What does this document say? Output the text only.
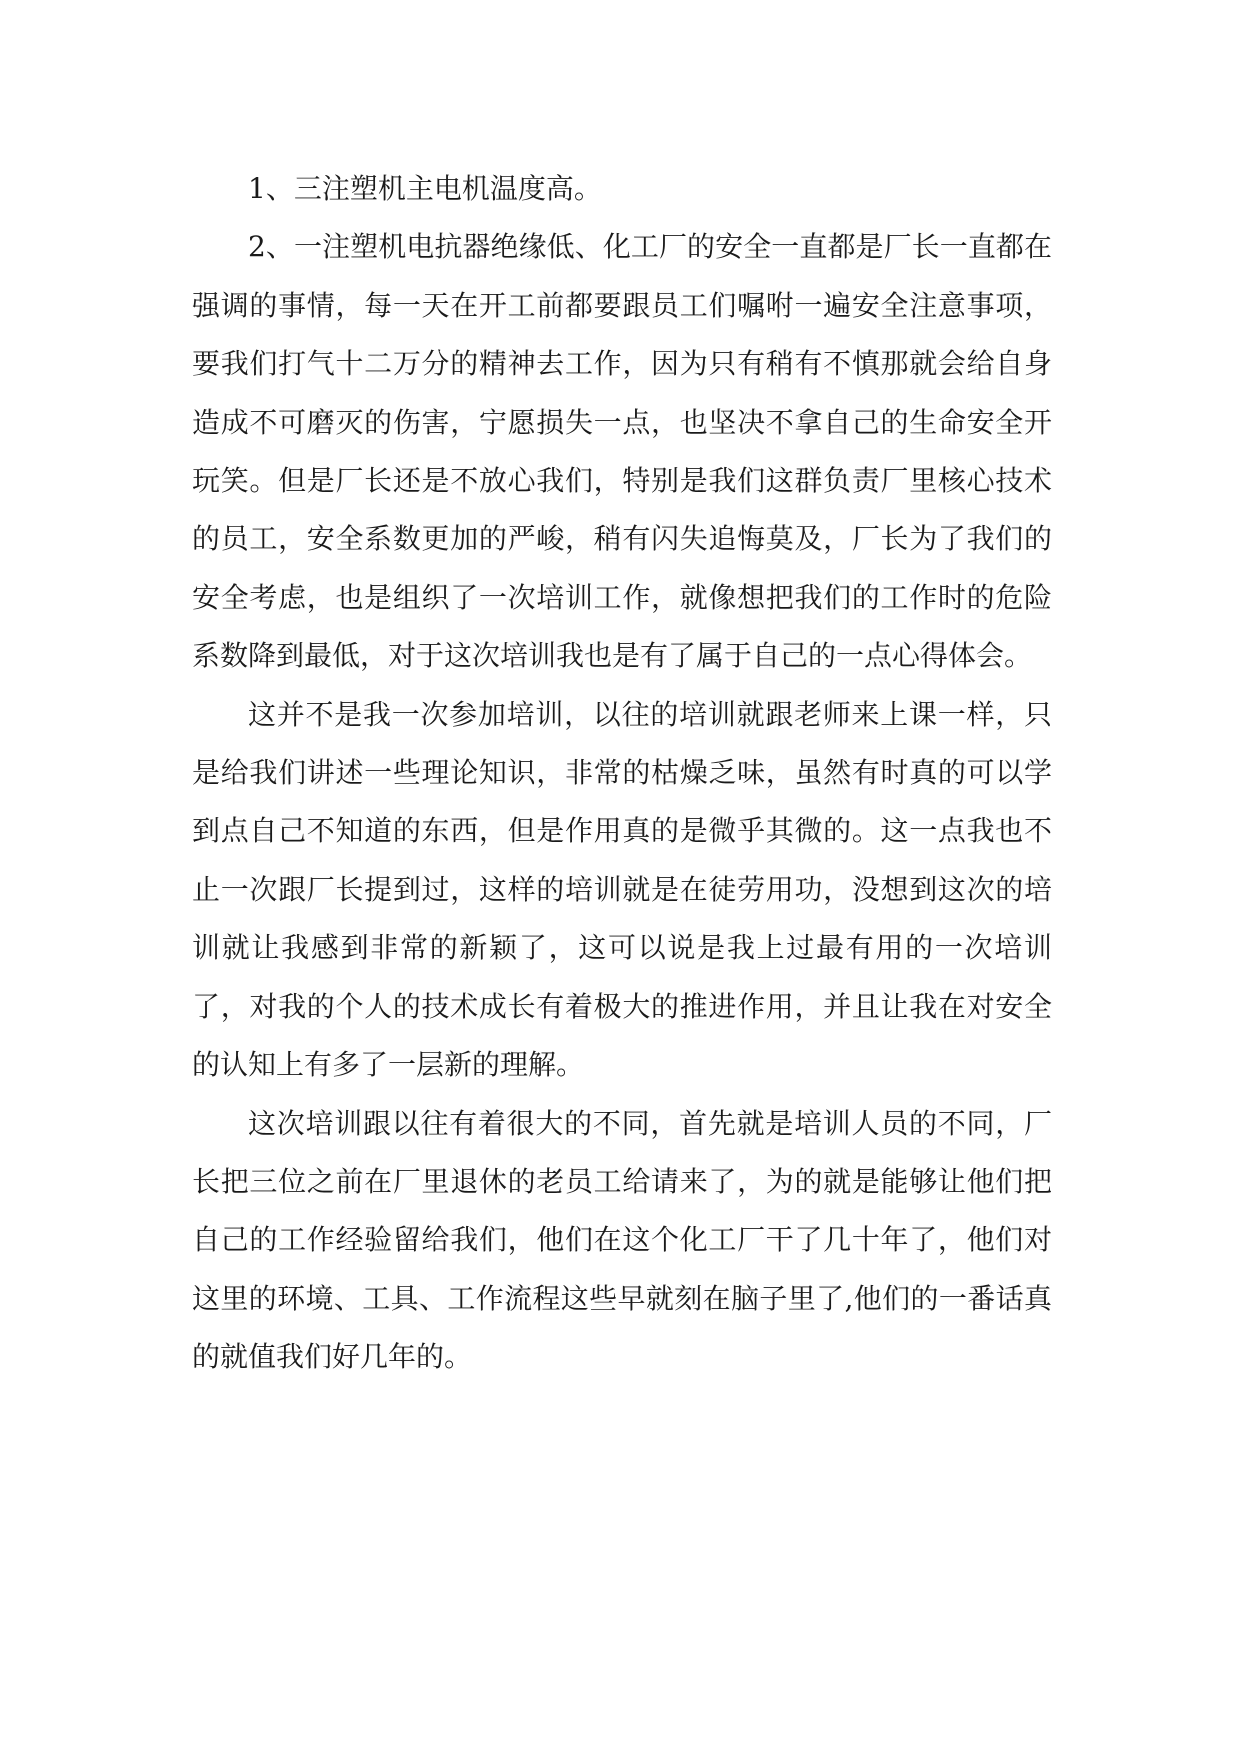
1、三注塑机主电机温度高。

2、一注塑机电抗器绝缘低、化工厂的安全一直都是厂长一直都在强调的事情，每一天在开工前都要跟员工们嘱咐一遍安全注意事项，要我们打气十二万分的精神去工作，因为只有稍有不慎那就会给自身造成不可磨灭的伤害，宁愿损失一点，也坚决不拿自己的生命安全开玩笑。但是厂长还是不放心我们，特别是我们这群负责厂里核心技术的员工，安全系数更加的严峻，稍有闪失追悔莫及，厂长为了我们的安全考虑，也是组织了一次培训工作，就像想把我们的工作时的危险系数降到最低，对于这次培训我也是有了属于自己的一点心得体会。

这并不是我一次参加培训，以往的培训就跟老师来上课一样，只是给我们讲述一些理论知识，非常的枯燥乏味，虽然有时真的可以学到点自己不知道的东西，但是作用真的是微乎其微的。这一点我也不止一次跟厂长提到过，这样的培训就是在徒劳用功，没想到这次的培训就让我感到非常的新颖了，这可以说是我上过最有用的一次培训了，对我的个人的技术成长有着极大的推进作用，并且让我在对安全的认知上有多了一层新的理解。

这次培训跟以往有着很大的不同，首先就是培训人员的不同，厂长把三位之前在厂里退休的老员工给请来了，为的就是能够让他们把自己的工作经验留给我们，他们在这个化工厂干了几十年了，他们对这里的环境、工具、工作流程这些早就刻在脑子里了,他们的一番话真的就值我们好几年的。
